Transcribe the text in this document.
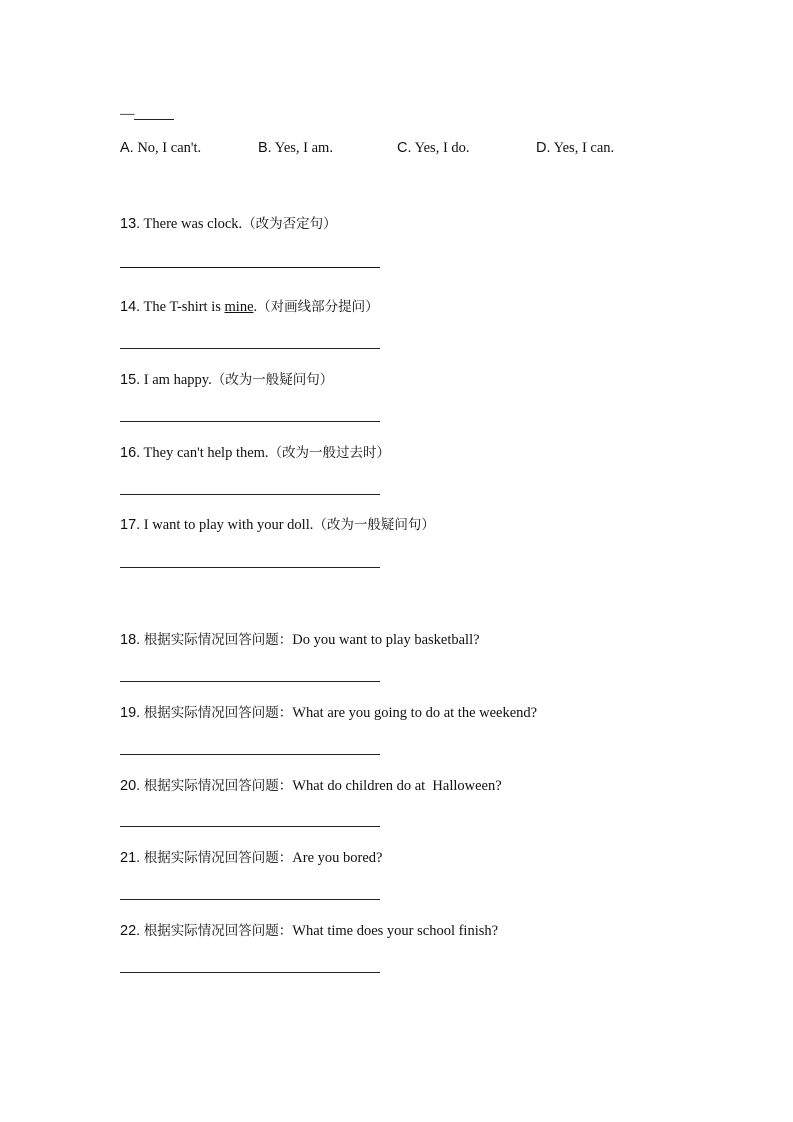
—
A. No, I can't.	B. Yes, I am.	C. Yes, I do.	D. Yes, I can.
13. There was clock.（改为否定句）
14. The T-shirt is mine.（对画线部分提问）
15. I am happy.（改为一般疑问句）
16. They can't help them.（改为一般过去时）
17. I want to play with your doll.（改为一般疑问句）
18. 根据实际情况回答问题：Do you want to play basketball?
19. 根据实际情况回答问题：What are you going to do at the weekend?
20. 根据实际情况回答问题：What do children do at  Halloween?
21. 根据实际情况回答问题：Are you bored?
22. 根据实际情况回答问题：What time does your school finish?
